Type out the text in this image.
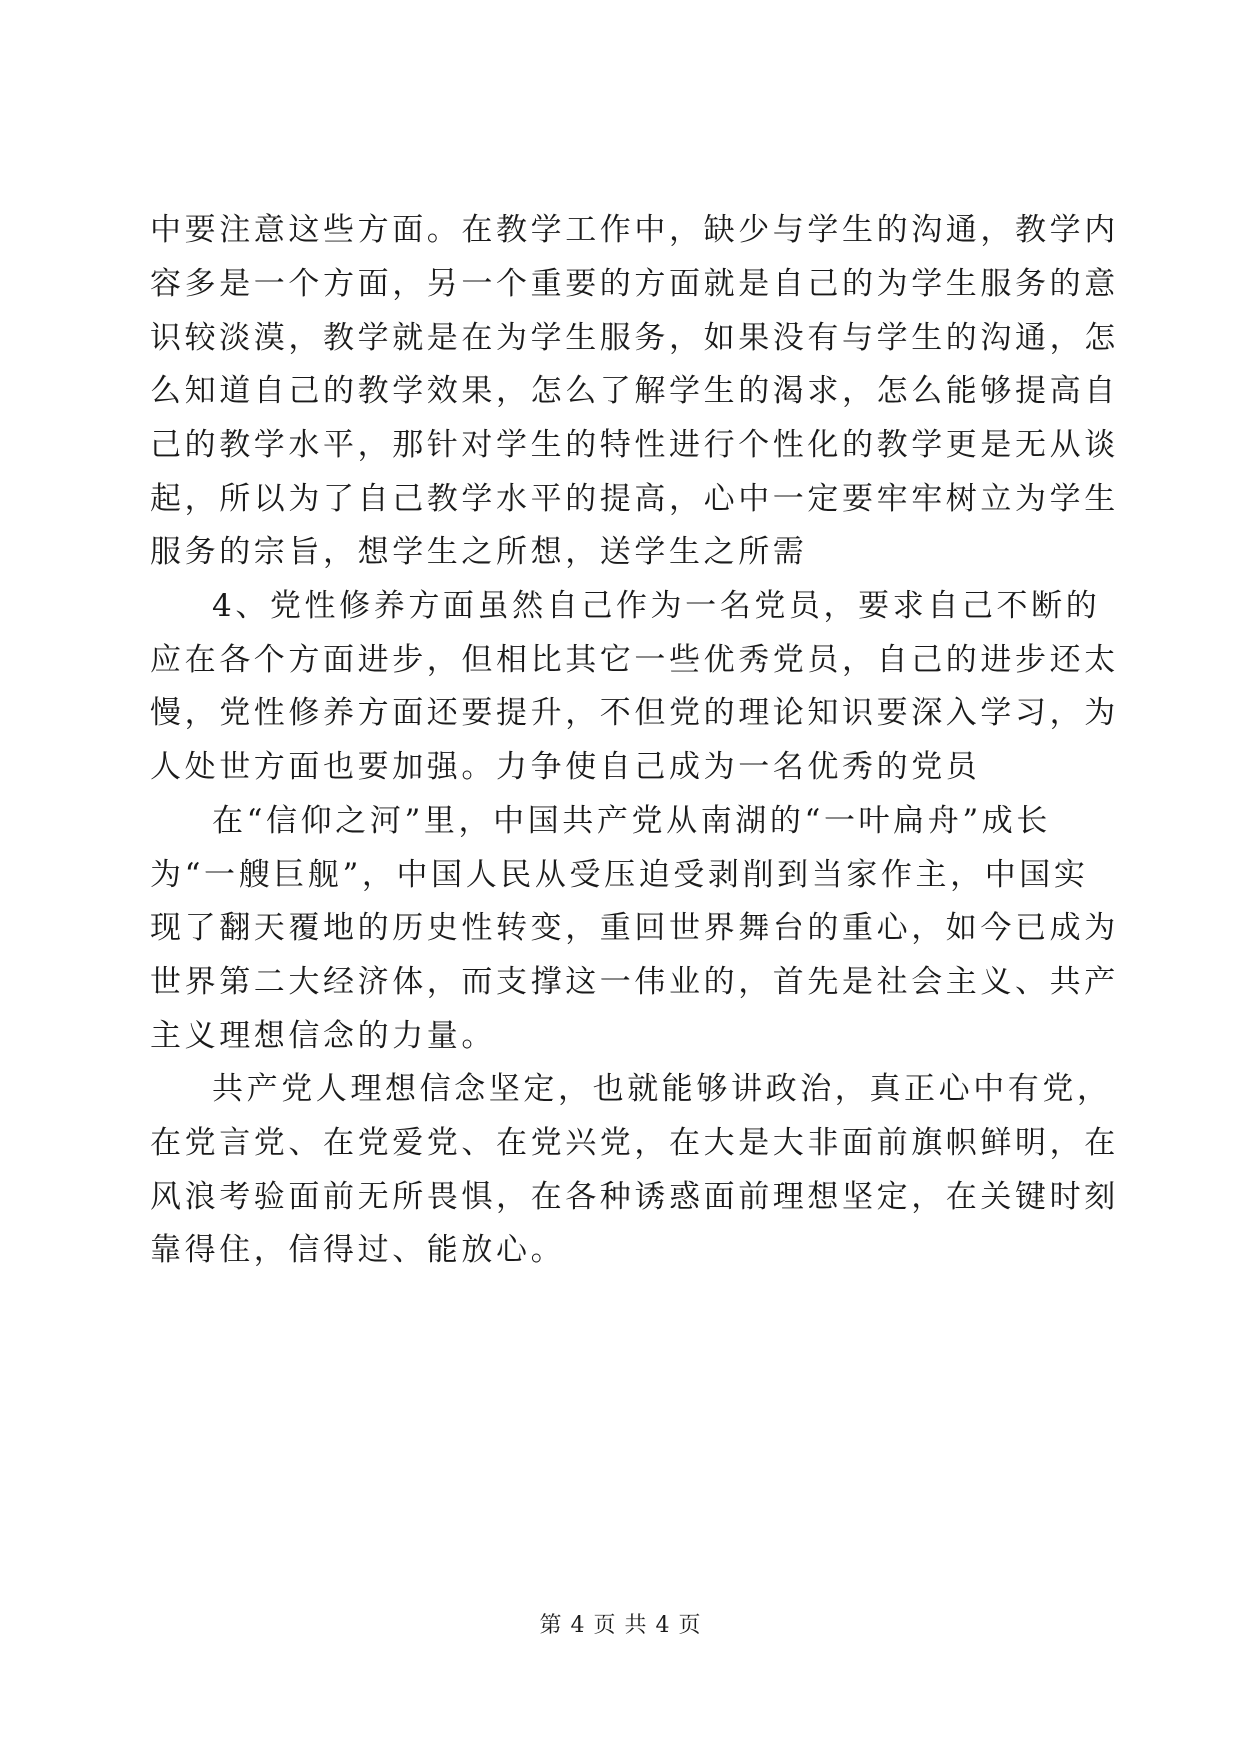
中要注意这些方面。在教学工作中，缺少与学生的沟通，教学内
容多是一个方面，另一个重要的方面就是自己的为学生服务的意
识较淡漠，教学就是在为学生服务，如果没有与学生的沟通，怎
么知道自己的教学效果，怎么了解学生的渴求，怎么能够提高自
己的教学水平，那针对学生的特性进行个性化的教学更是无从谈
起，所以为了自己教学水平的提高，心中一定要牢牢树立为学生
服务的宗旨，想学生之所想，送学生之所需
4、党性修养方面虽然自己作为一名党员，要求自己不断的
应在各个方面进步，但相比其它一些优秀党员，自己的进步还太
慢，党性修养方面还要提升，不但党的理论知识要深入学习，为
人处世方面也要加强。力争使自己成为一名优秀的党员
在“信仰之河”里，中国共产党从南湖的“一叶扁舟”成长
为“一艘巨舰”，中国人民从受压迫受剥削到当家作主，中国实
现了翻天覆地的历史性转变，重回世界舞台的重心，如今已成为
世界第二大经济体，而支撑这一伟业的，首先是社会主义、共产
主义理想信念的力量。
共产党人理想信念坚定，也就能够讲政治，真正心中有党，
在党言党、在党爱党、在党兴党，在大是大非面前旗帜鲜明，在
风浪考验面前无所畏惧，在各种诱惑面前理想坚定，在关键时刻
靠得住，信得过、能放心。
第 4 页 共 4 页
